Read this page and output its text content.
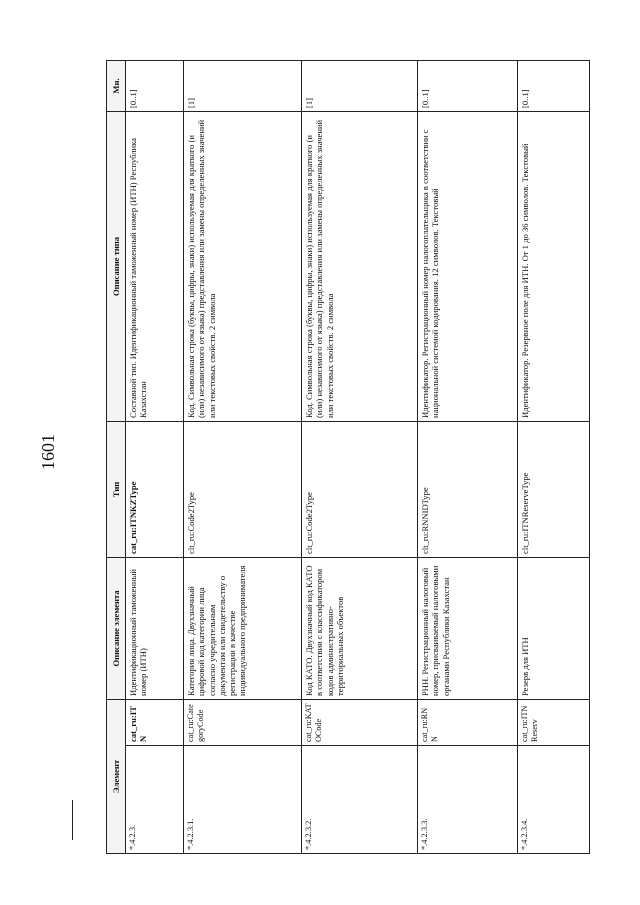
1601
Элемент		Описание элемента	Тип	Описание типа	Мн.
*.4.2.3.	cat_ru:ITN	Идентификационный таможенный номер (ИТН)	cat_ru:ITNKZType	Составной тип. Идентификационный таможенный номер (ИТН) Республика Казахстан	[0..1]
*.4.2.3.1.	cat_ru:CategoryCode	Категория лица. Двухзначный цифровой код категории лица согласно учредительным документам или свидетельству о регистрации в качестве индивидуального предпринимателя	clt_ru:Code2Type	Код. Символьная строка (буквы, цифры, знаки) используемая для краткого (и (или) независимого от языка) представления или замены определенных значений или текстовых свойств. 2 символа	[1]
*.4.2.3.2.	cat_ru:KATOCode	Код КАТО. Двухзначный код КАТО в соответствии с классификатором кодов административно-территориальных объектов	clt_ru:Code2Type	Код. Символьная строка (буквы, цифры, знаки) используемая для краткого (и (или) независимого от языка) представления или замены определенных значений или текстовых свойств. 2 символа	[1]
*.4.2.3.3.	cat_ru:RNN	РНН. Регистрационный налоговый номер, присваиваемый налоговыми органами Республики Казахстан	clt_ru:RNNIDType	Идентификатор. Регистрационный номер налогоплательщика в соответствии с национальной системой кодирования. 12 символов. Текстовый	[0..1]
*.4.2.3.4.	cat_ru:ITNReserv	Резерв для ИТН	clt_ru:ITNReserveType	Идентификатор. Резервное поле для ИТН. От 1 до 36 символов. Текстовый	[0..1]
